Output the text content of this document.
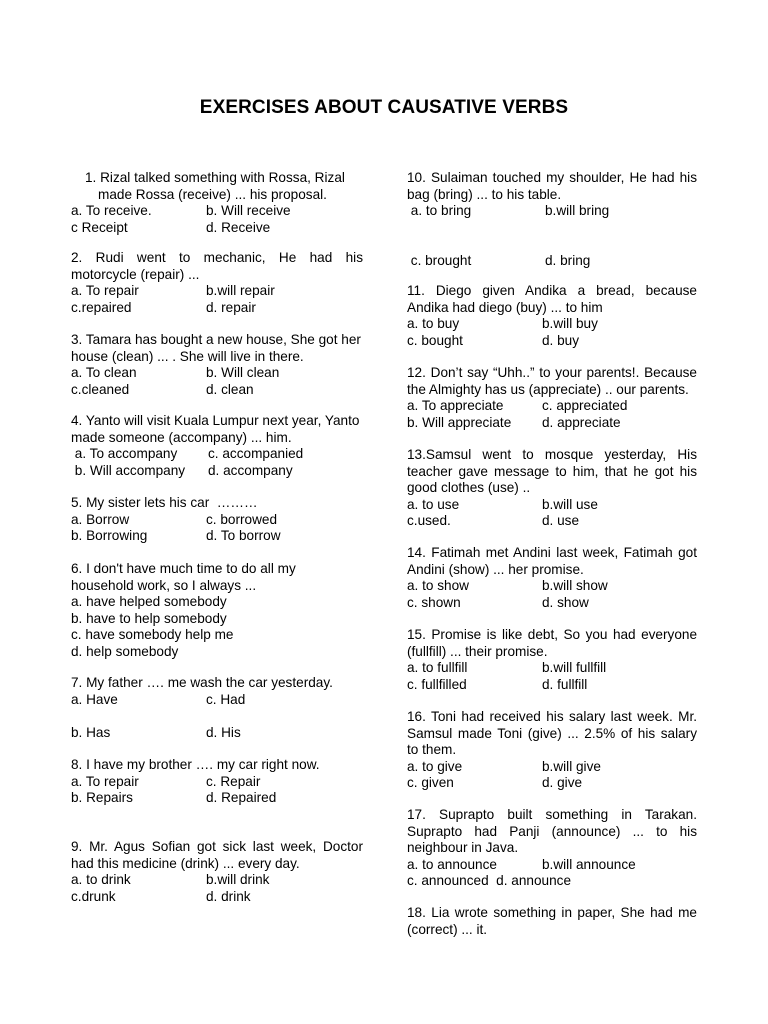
EXERCISES ABOUT CAUSATIVE VERBS
1. Rizal talked something with Rossa, Rizal made Rossa (receive) ... his proposal.
a. To receive.	b. Will receive
c Receipt	d. Receive
2. Rudi went to mechanic, He had his motorcycle (repair) ...
a. To repair	b.will repair
c.repaired	d. repair
3. Tamara has bought a new house, She got her house (clean) ... . She will live in there.
a. To clean	b. Will clean
c.cleaned	d. clean
4. Yanto will visit Kuala Lumpur next year, Yanto made someone (accompany) ... him.
a. To accompany	c. accompanied
b. Will accompany	d. accompany
5. My sister lets his car  ………
a. Borrow	c. borrowed
b. Borrowing	d. To borrow
6. I don't have much time to do all my household work, so I always ...
a. have helped somebody
b. have to help somebody
c. have somebody help me
d. help somebody
7. My father …. me wash the car yesterday.
a. Have	c. Had
b. Has	d. His
8. I have my brother …. my car right now.
a. To repair	c. Repair
b. Repairs	d. Repaired
9. Mr. Agus Sofian got sick last week, Doctor had this medicine (drink) ... every day.
a. to drink	b.will drink
c.drunk	d. drink
10. Sulaiman touched my shoulder, He had his bag (bring) ... to his table.
a. to bring	b.will bring
c. brought	d. bring
11. Diego given Andika a bread, because Andika had diego (buy) ... to him
a. to buy	b.will buy
c. bought	d. buy
12. Don’t say “Uhh..” to your parents!. Because the Almighty has us (appreciate) .. our parents.
a. To appreciate	c. appreciated
b. Will appreciate	d. appreciate
13.Samsul went to mosque yesterday, His teacher gave message to him, that he got his good clothes (use) ..
a. to use	b.will use
c.used.	d. use
14. Fatimah met Andini last week, Fatimah got Andini (show) ... her promise.
a. to show	b.will show
c. shown	d. show
15. Promise is like debt, So you had everyone (fullfill) ... their promise.
a. to fullfill	b.will fullfill
c. fullfilled	d. fullfill
16. Toni had received his salary last week. Mr. Samsul made Toni (give) ... 2.5% of his salary to them.
a. to give	b.will give
c. given	d. give
17. Suprapto built something in Tarakan. Suprapto had Panji (announce) ... to his neighbour in Java.
a. to announce	b.will announce
c. announced  d. announce
18. Lia wrote something in paper, She had me (correct) ... it.
